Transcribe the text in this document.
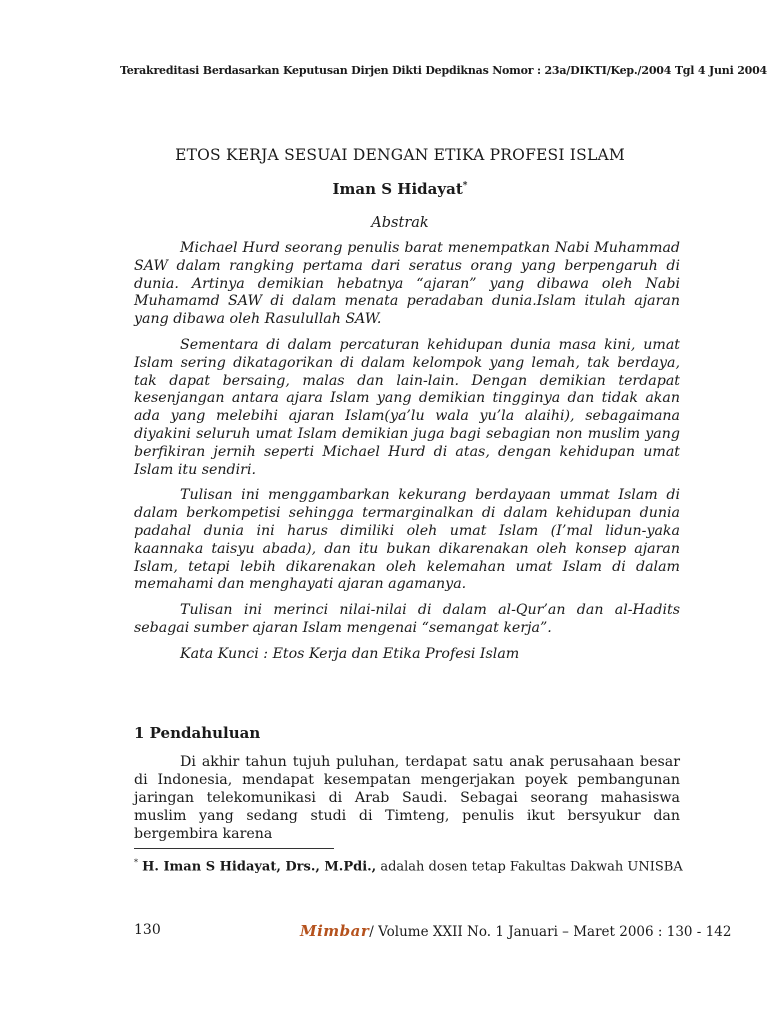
Terakreditasi Berdasarkan Keputusan Dirjen Dikti Depdiknas Nomor : 23a/DIKTI/Kep./2004 Tgl 4 Juni 2004
ETOS KERJA SESUAI DENGAN ETIKA PROFESI ISLAM
Iman S Hidayat*
Abstrak

Michael Hurd seorang penulis barat menempatkan Nabi Muhammad SAW dalam rangking pertama dari seratus orang yang berpengaruh di dunia. Artinya demikian hebatnya “ajaran” yang dibawa oleh Nabi Muhamamd SAW di dalam menata peradaban dunia.Islam itulah ajaran yang dibawa oleh Rasulullah SAW.

Sementara di dalam percaturan kehidupan dunia masa kini, umat Islam sering dikatagorikan di dalam kelompok yang lemah, tak berdaya, tak dapat bersaing, malas dan lain-lain. Dengan demikian terdapat kesenjangan antara ajara Islam yang demikian tingginya dan tidak akan ada yang melebihi ajaran Islam(ya’lu wala yu’la alaihi), sebagaimana diyakini seluruh umat Islam demikian juga bagi sebagian non muslim yang berfikiran jernih seperti Michael Hurd di atas, dengan kehidupan umat Islam itu sendiri.

Tulisan ini menggambarkan kekurang berdayaan ummat Islam di dalam berkompetisi sehingga termarginalkan di dalam kehidupan dunia padahal dunia ini harus dimiliki oleh umat Islam (I’mal lidun-yaka kaannaka taisyu abada), dan itu bukan dikarenakan oleh konsep ajaran Islam, tetapi lebih dikarenakan oleh kelemahan umat Islam di dalam memahami dan menghayati ajaran agamanya.

Tulisan ini merinci nilai-nilai di dalam al-Qur’an dan al-Hadits sebagai sumber ajaran Islam mengenai “semangat kerja”.

Kata Kunci : Etos Kerja dan Etika Profesi Islam

1 Pendahuluan

Di akhir tahun tujuh puluhan, terdapat satu anak perusahaan besar di Indonesia, mendapat kesempatan mengerjakan poyek pembangunan jaringan telekomunikasi di Arab Saudi. Sebagai seorang mahasiswa muslim yang sedang studi di Timteng, penulis ikut bersyukur dan bergembira karena

* H. Iman S Hidayat, Drs., M.Pdi., adalah dosen tetap Fakultas Dakwah UNISBA
130	Mimbar/ Volume XXII No. 1 Januari – Maret 2006 : 130 - 142
